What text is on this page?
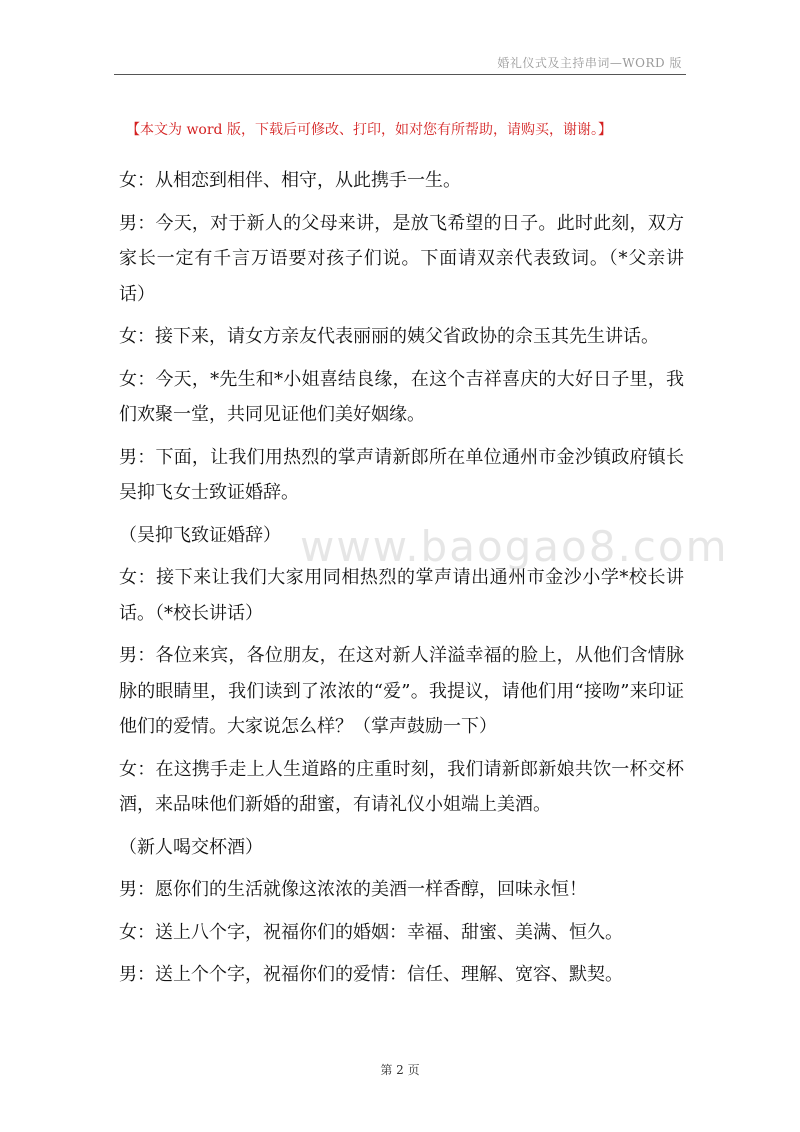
婚礼仪式及主持串词—WORD 版
【本文为 word 版，下载后可修改、打印，如对您有所帮助，请购买，谢谢。】

女：从相恋到相伴、相守，从此携手一生。

男：今天，对于新人的父母来讲，是放飞希望的日子。此时此刻，双方家长一定有千言万语要对孩子们说。下面请双亲代表致词。（*父亲讲话）

女：接下来，请女方亲友代表丽丽的姨父省政协的佘玉其先生讲话。

女：今天，*先生和*小姐喜结良缘，在这个吉祥喜庆的大好日子里，我们欢聚一堂，共同见证他们美好姻缘。

男：下面，让我们用热烈的掌声请新郎所在单位通州市金沙镇政府镇长吴抑飞女士致证婚辞。

（吴抑飞致证婚辞）

女：接下来让我们大家用同相热烈的掌声请出通州市金沙小学*校长讲话。（*校长讲话）

男：各位来宾，各位朋友，在这对新人洋溢幸福的脸上，从他们含情脉脉的眼睛里，我们读到了浓浓的“爱”。我提议，请他们用“接吻”来印证他们的爱情。大家说怎么样？（掌声鼓励一下）

女：在这携手走上人生道路的庄重时刻，我们请新郎新娘共饮一杯交杯酒，来品味他们新婚的甜蜜，有请礼仪小姐端上美酒。

（新人喝交杯酒）

男：愿你们的生活就像这浓浓的美酒一样香醇，回味永恒！

女：送上八个字，祝福你们的婚姻：幸福、甜蜜、美满、恒久。

男：送上个个字，祝福你们的爱情：信任、理解、宽容、默契。

www.baogao8.com
第 2 页
